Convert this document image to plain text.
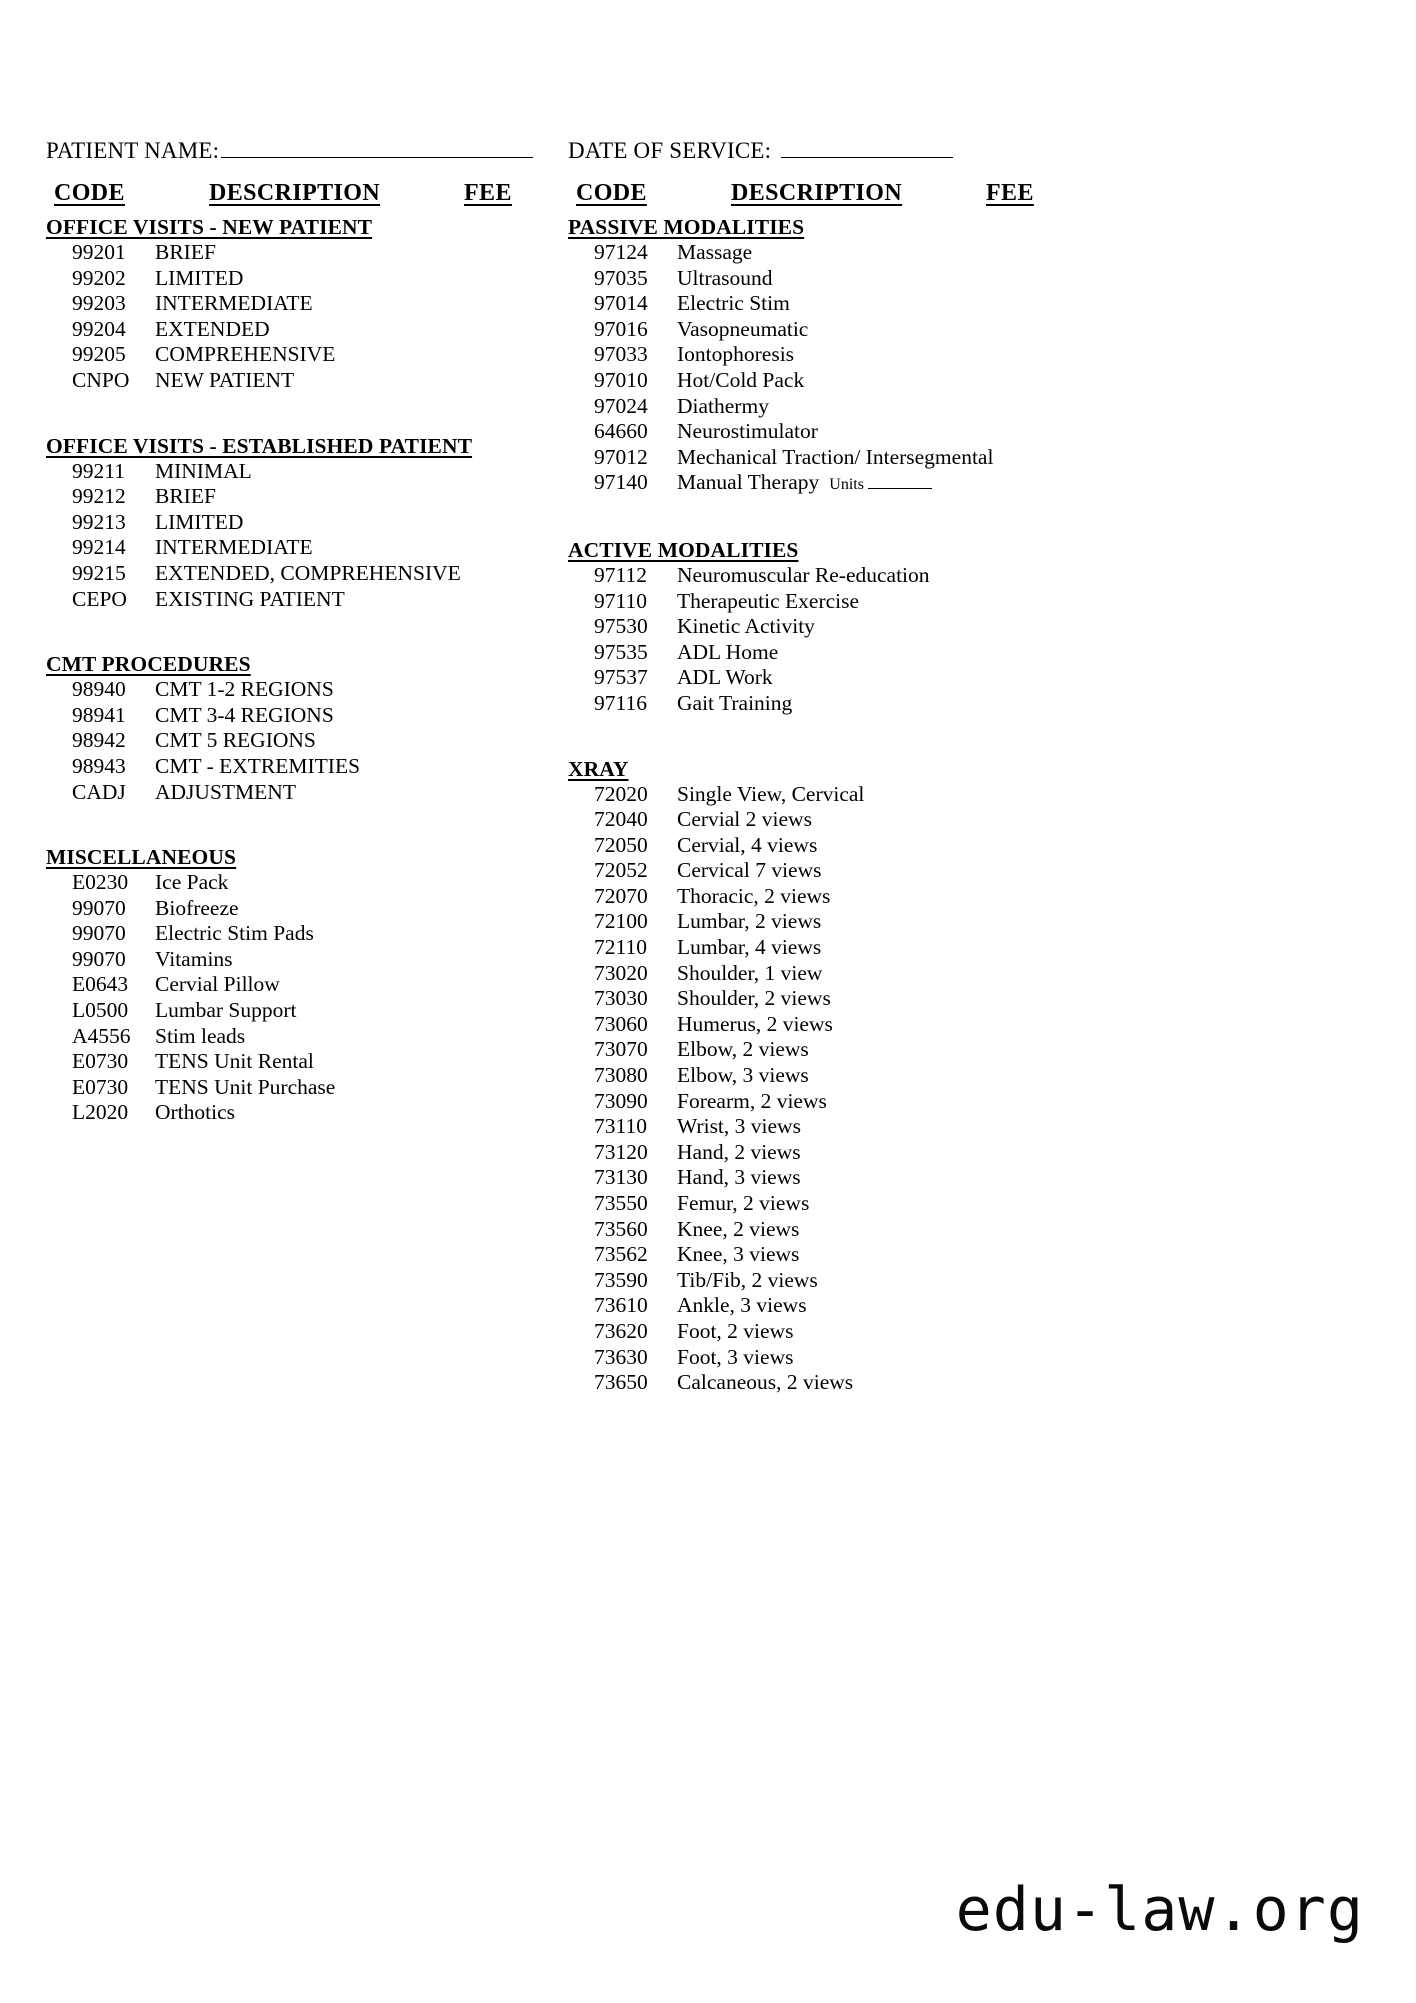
PATIENT NAME:	DATE OF SERVICE:
CODE	DESCRIPTION	FEE
OFFICE VISITS - NEW PATIENT
99201	BRIEF
99202	LIMITED
99203	INTERMEDIATE
99204	EXTENDED
99205	COMPREHENSIVE
CNPO	NEW PATIENT
OFFICE VISITS - ESTABLISHED PATIENT
99211	MINIMAL
99212	BRIEF
99213	LIMITED
99214	INTERMEDIATE
99215	EXTENDED, COMPREHENSIVE
CEPO	EXISTING PATIENT
CMT PROCEDURES
98940	CMT 1-2 REGIONS
98941	CMT 3-4 REGIONS
98942	CMT 5 REGIONS
98943	CMT - EXTREMITIES
CADJ	ADJUSTMENT
MISCELLANEOUS
E0230	Ice Pack
99070	Biofreeze
99070	Electric Stim Pads
99070	Vitamins
E0643	Cervial Pillow
L0500	Lumbar Support
A4556	Stim leads
E0730	TENS Unit Rental
E0730	TENS Unit Purchase
L2020	Orthotics
CODE	DESCRIPTION	FEE
PASSIVE MODALITIES
97124	Massage
97035	Ultrasound
97014	Electric Stim
97016	Vasopneumatic
97033	Iontophoresis
97010	Hot/Cold Pack
97024	Diathermy
64660	Neurostimulator
97012	Mechanical Traction/ Intersegmental
97140	Manual Therapy Units
ACTIVE MODALITIES
97112	Neuromuscular Re-education
97110	Therapeutic Exercise
97530	Kinetic Activity
97535	ADL Home
97537	ADL Work
97116	Gait Training
XRAY
72020	Single View, Cervical
72040	Cervial 2 views
72050	Cervial, 4 views
72052	Cervical 7 views
72070	Thoracic, 2 views
72100	Lumbar, 2 views
72110	Lumbar, 4 views
73020	Shoulder, 1 view
73030	Shoulder, 2 views
73060	Humerus, 2 views
73070	Elbow, 2 views
73080	Elbow, 3 views
73090	Forearm, 2 views
73110	Wrist, 3 views
73120	Hand, 2 views
73130	Hand, 3 views
73550	Femur, 2 views
73560	Knee, 2 views
73562	Knee, 3 views
73590	Tib/Fib, 2 views
73610	Ankle, 3 views
73620	Foot, 2 views
73630	Foot, 3 views
73650	Calcaneous, 2 views
edu-law.org
